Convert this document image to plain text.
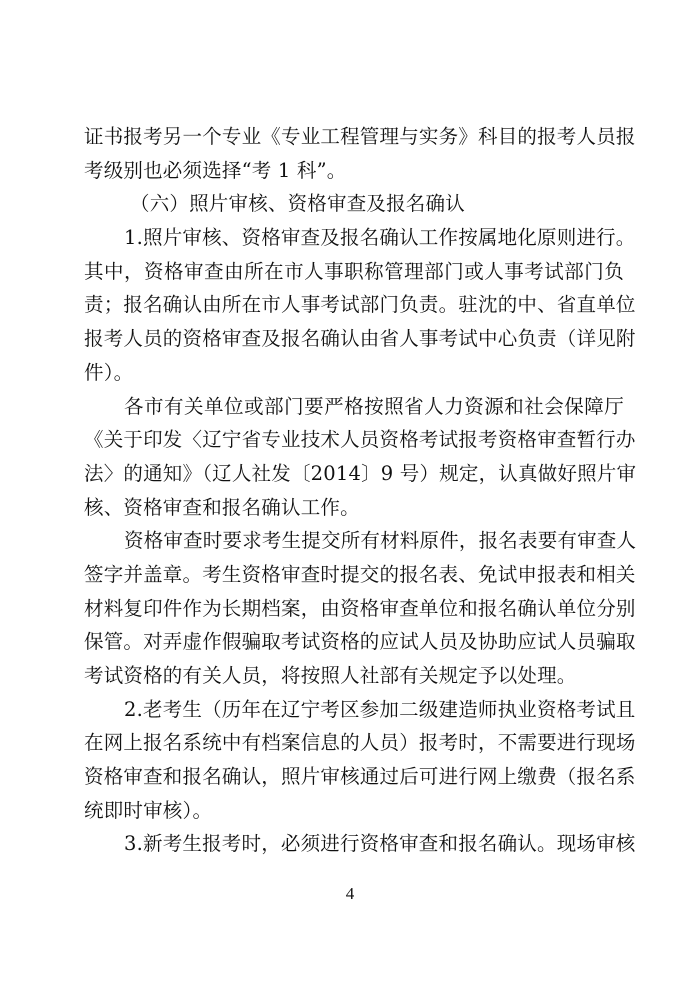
证书报考另一个专业《专业工程管理与实务》科目的报考人员报
考级别也必须选择“考 1 科”。
（六）照片审核、资格审查及报名确认
1.照片审核、资格审查及报名确认工作按属地化原则进行。
其中，资格审查由所在市人事职称管理部门或人事考试部门负
责；报名确认由所在市人事考试部门负责。驻沈的中、省直单位
报考人员的资格审查及报名确认由省人事考试中心负责（详见附
件）。
各市有关单位或部门要严格按照省人力资源和社会保障厅
《关于印发〈辽宁省专业技术人员资格考试报考资格审查暂行办
法〉的通知》（辽人社发〔2014〕9 号）规定，认真做好照片审
核、资格审查和报名确认工作。
资格审查时要求考生提交所有材料原件，报名表要有审查人
签字并盖章。考生资格审查时提交的报名表、免试申报表和相关
材料复印件作为长期档案，由资格审查单位和报名确认单位分别
保管。对弄虚作假骗取考试资格的应试人员及协助应试人员骗取
考试资格的有关人员，将按照人社部有关规定予以处理。
2.老考生（历年在辽宁考区参加二级建造师执业资格考试且
在网上报名系统中有档案信息的人员）报考时，不需要进行现场
资格审查和报名确认，照片审核通过后可进行网上缴费（报名系
统即时审核）。
3.新考生报考时，必须进行资格审查和报名确认。现场审核
4
